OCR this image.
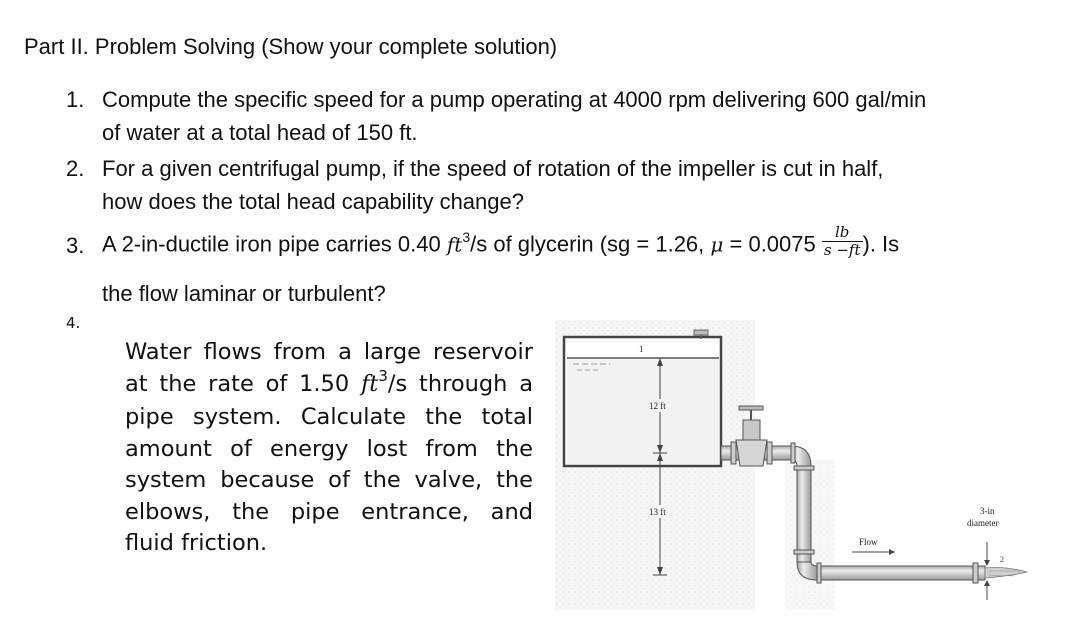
Part II. Problem Solving (Show your complete solution)
1. Compute the specific speed for a pump operating at 4000 rpm delivering 600 gal/min
of water at a total head of 150 ft.
2. For a given centrifugal pump, if the speed of rotation of the impeller is cut in half,
how does the total head capability change?
3. A 2-in-ductile iron pipe carries 0.40 $ft^3/s$ of glycerin (sg = 1.26, $\mu = 0.0075 \frac{lb}{s -ft}$ ). Is
the flow laminar or turbulent?
4.
Water flows from a large reservoir
at the rate of 1.50 $ft^3/s$ through a
pipe system. Calculate the total
amount of energy lost from the
system because of the valve, the
elbows, the pipe entrance, and
fluid friction.
1
12 ft
13 ft
Flow
3-in
diameter
2
